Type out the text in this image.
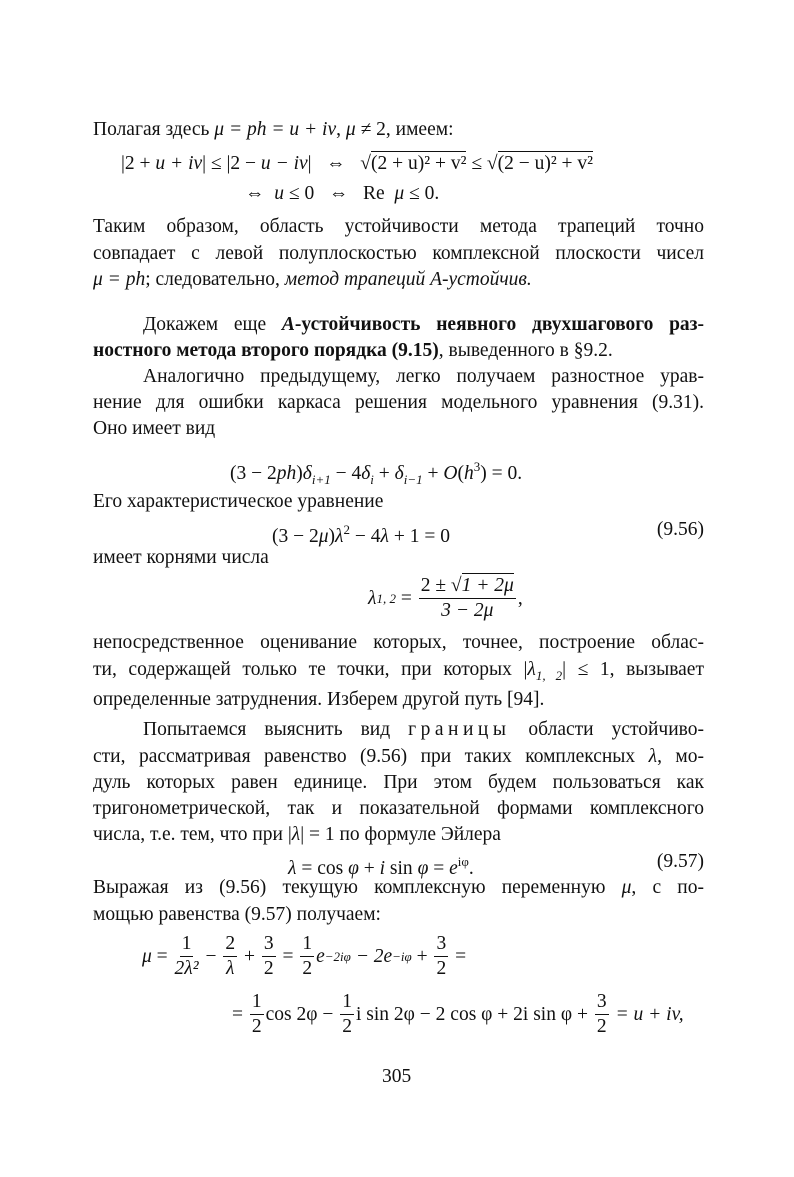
Полагая здесь μ = ph = u + iv, μ ≠ 2, имеем:
|2 + u + iv| ≤ |2 − u − iv|   ⇔   √(2 + u)² + v² ≤ √(2 − u)² + v²
⇔  u ≤ 0   ⇔   Re  μ ≤ 0.
Таким образом, область устойчивости метода трапеций точно
совпадает с левой полуплоскостью комплексной плоскости чисел
μ = ph; следовательно, метод трапеций А-устойчив.
Докажем еще A-устойчивость неявного двухшагового раз-
ностного метода второго порядка (9.15), выведенного в §9.2.
Аналогично предыдущему, легко получаем разностное урав-
нение для ошибки каркаса решения модельного уравнения (9.31).
Оно имеет вид
$(3 - 2ph)\delta_{i+1} - 4\delta_i + \delta_{i-1} + O(h^3) = 0$.
Его характеристическое уравнение
$(3 - 2\mu)\lambda^2 - 4\lambda + 1 = 0$
имеет корнями числа
непосредственное оценивание которых, точнее, построение облас-
ти, содержащей только те точки, при которых $|\lambda_{1, 2}| \le 1$, вызывает
определенные затруднения. Изберем другой путь [94].
Попытаемся выяснить вид границы области устойчиво-
сти, рассматривая равенство (9.56) при таких комплексных λ, мо-
дуль которых равен единице. При этом будем пользоваться как
тригонометрической, так и показательной формами комплексного
числа, т.е. тем, что при |λ| = 1 по формуле Эйлера
λ = cos φ + i $\sin \varphi = e^{i\varphi}$.
Выражая из (9.56) текущую комплексную переменную μ, с по-
мощью равенства (9.57) получаем:
(9.56)
(9.57)
λ 1, $2 = \frac{2 \pm √1 + 2\mu}{3 - 2\mu}$ ,
$\mu = \frac{1}{\text{2λ²}} - \frac{2}{\lambda} + \frac{3}{2} = \frac{1}{2}$ $e -2i\varphi - 2e -i\varphi + \frac{3}{2}$ =
= $\frac{1}{2}$ $\cos 2\varphi - \frac{1}{2}$ i sin 2φ − 2 cos φ + 2i $\sin \varphi + \frac{3}{2} = u$ + iv,
305
